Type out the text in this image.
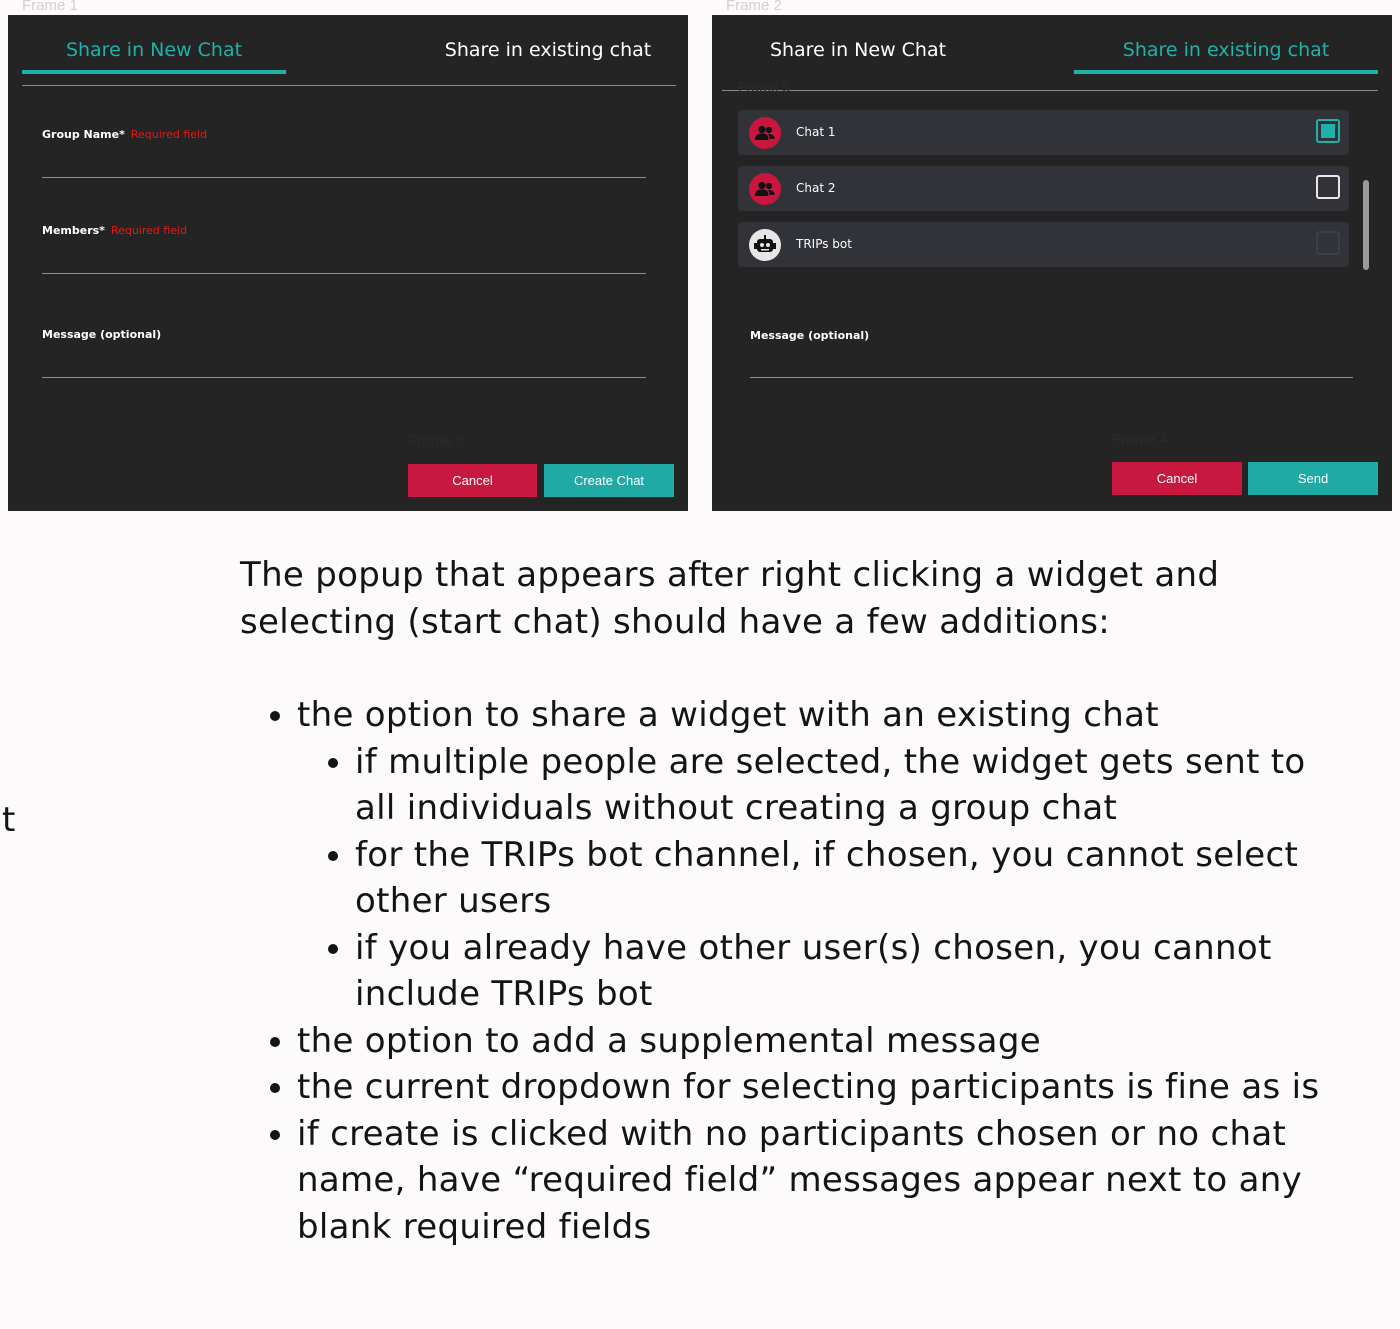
Frame 1	Frame 2
Share in New Chat	Share in existing chat
Group Name* Required field
Members* Required field
Message (optional)
Frame 3
Cancel	Create Chat
Share in New Chat	Share in existing chat
Frame 5
Chat 1
Chat 2
TRIPs bot
Message (optional)
Frame 4
Cancel	Send
t

The popup that appears after right clicking a widget and selecting (start chat) should have a few additions:

• the option to share a widget with an existing chat
• if multiple people are selected, the widget gets sent to all individuals without creating a group chat
• for the TRIPs bot channel, if chosen, you cannot select other users
• if you already have other user(s) chosen, you cannot include TRIPs bot
• the option to add a supplemental message
• the current dropdown for selecting participants is fine as is
• if create is clicked with no participants chosen or no chat name, have “required field” messages appear next to any blank required fields
